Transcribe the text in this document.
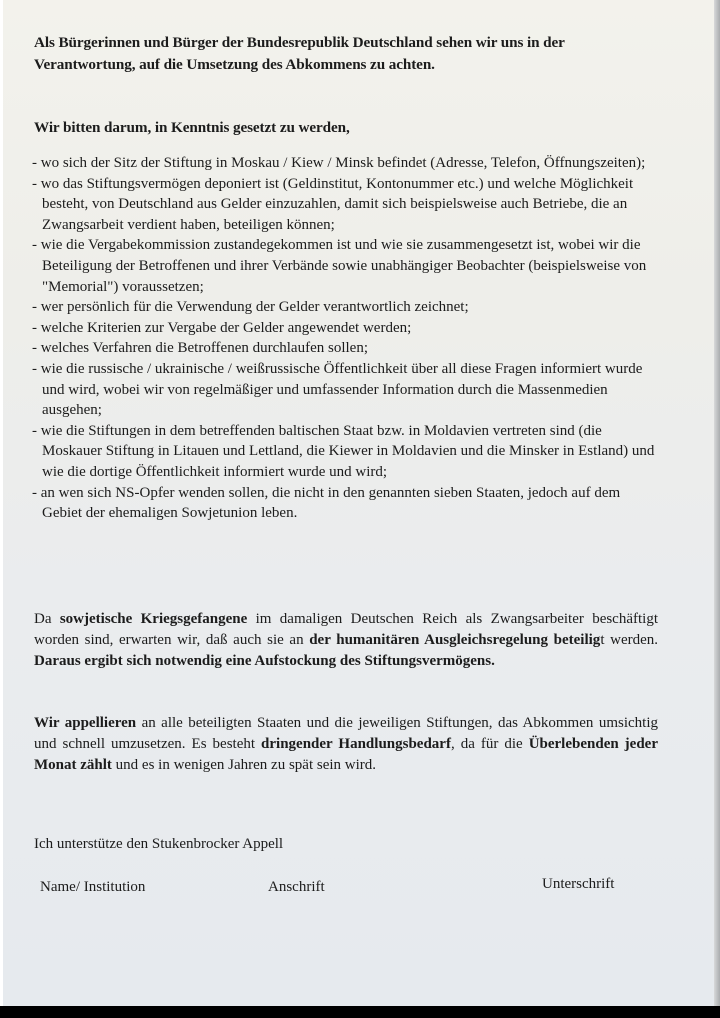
Als Bürgerinnen und Bürger der Bundesrepublik Deutschland sehen wir uns in der Verantwortung, auf die Umsetzung des Abkommens zu achten.
Wir bitten darum, in Kenntnis gesetzt zu werden,
- wo sich der Sitz der Stiftung in Moskau / Kiew / Minsk befindet (Adresse, Telefon, Öffnungszeiten);
- wo das Stiftungsvermögen deponiert ist (Geldinstitut, Kontonummer etc.) und welche Möglichkeit besteht, von Deutschland aus Gelder einzuzahlen, damit sich beispielsweise auch Betriebe, die an Zwangsarbeit verdient haben, beteiligen können;
- wie die Vergabekommission zustandegekommen ist und wie sie zusammengesetzt ist, wobei wir die Beteiligung der Betroffenen und ihrer Verbände sowie unabhängiger Beobachter (beispielsweise von "Memorial") voraussetzen;
- wer persönlich für die Verwendung der Gelder verantwortlich zeichnet;
- welche Kriterien zur Vergabe der Gelder angewendet werden;
- welches Verfahren die Betroffenen durchlaufen sollen;
- wie die russische / ukrainische / weißrussische Öffentlichkeit über all diese Fragen informiert wurde und wird, wobei wir von regelmäßiger und umfassender Information durch die Massenmedien ausgehen;
- wie die Stiftungen in dem betreffenden baltischen Staat bzw. in Moldavien vertreten sind (die Moskauer Stiftung in Litauen und Lettland, die Kiewer in Moldavien und die Minsker in Estland) und wie die dortige Öffentlichkeit informiert wurde und wird;
- an wen sich NS-Opfer wenden sollen, die nicht in den genannten sieben Staaten, jedoch auf dem Gebiet der ehemaligen Sowjetunion leben.

Da sowjetische Kriegsgefangene im damaligen Deutschen Reich als Zwangsarbeiter beschäftigt worden sind, erwarten wir, daß auch sie an der humanitären Ausgleichsregelung beteiligt werden. Daraus ergibt sich notwendig eine Aufstockung des Stiftungsvermögens.

Wir appellieren an alle beteiligten Staaten und die jeweiligen Stiftungen, das Abkommen umsichtig und schnell umzusetzen. Es besteht dringender Handlungsbedarf, da für die Überlebenden jeder Monat zählt und es in wenigen Jahren zu spät sein wird.

Ich unterstütze den Stukenbrocker Appell
Name/ Institution	Anschrift	Unterschrift
